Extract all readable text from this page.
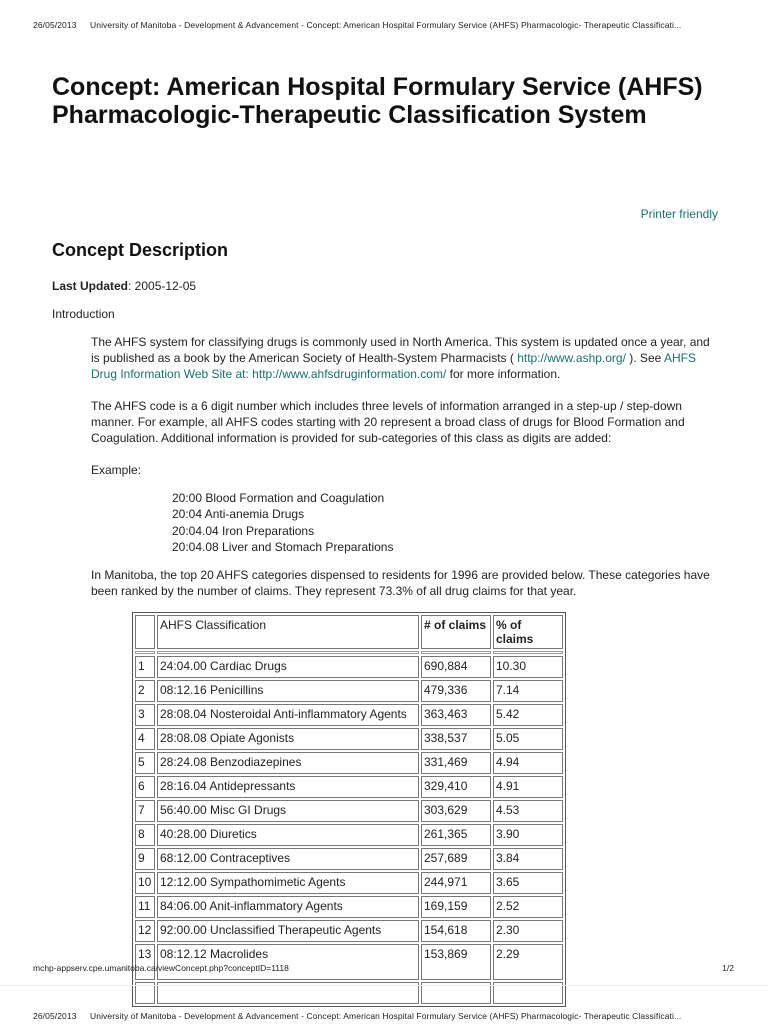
26/05/2013 University of Manitoba - Development & Advancement - Concept: American Hospital Formulary Service (AHFS) Pharmacologic- Therapeutic Classificati...
Concept: American Hospital Formulary Service (AHFS) Pharmacologic-Therapeutic Classification System
Printer friendly
Concept Description
Last Updated: 2005-12-05
Introduction
The AHFS system for classifying drugs is commonly used in North America. This system is updated once a year, and is published as a book by the American Society of Health-System Pharmacists ( http://www.ashp.org/ ). See AHFS Drug Information Web Site at: http://www.ahfsdruginformation.com/ for more information.
The AHFS code is a 6 digit number which includes three levels of information arranged in a step-up / step-down manner. For example, all AHFS codes starting with 20 represent a broad class of drugs for Blood Formation and Coagulation. Additional information is provided for sub-categories of this class as digits are added:
Example:
20:00 Blood Formation and Coagulation
20:04 Anti-anemia Drugs
20:04.04 Iron Preparations
20:04.08 Liver and Stomach Preparations
In Manitoba, the top 20 AHFS categories dispensed to residents for 1996 are provided below. These categories have been ranked by the number of claims. They represent 73.3% of all drug claims for that year.
	AHFS Classification	# of claims	% of claims

1	24:04.00 Cardiac Drugs	690,884	10.30
2	08:12.16 Penicillins	479,336	7.14
3	28:08.04 Nosteroidal Anti-inflammatory Agents	363,463	5.42
4	28:08.08 Opiate Agonists	338,537	5.05
5	28:24.08 Benzodiazepines	331,469	4.94
6	28:16.04 Antidepressants	329,410	4.91
7	56:40.00 Misc GI Drugs	303,629	4.53
8	40:28.00 Diuretics	261,365	3.90
9	68:12.00 Contraceptives	257,689	3.84
10	12:12.00 Sympathomimetic Agents	244,971	3.65
11	84:06.00 Anit-inflammatory Agents	169,159	2.52
12	92:00.00 Unclassified Therapeutic Agents	154,618	2.30
13	08:12.12 Macrolides	153,869	2.29

mchp-appserv.cpe.umanitoba.ca/viewConcept.php?conceptID=1118	1/2
26/05/2013 University of Manitoba - Development & Advancement - Concept: American Hospital Formulary Service (AHFS) Pharmacologic- Therapeutic Classificati...
